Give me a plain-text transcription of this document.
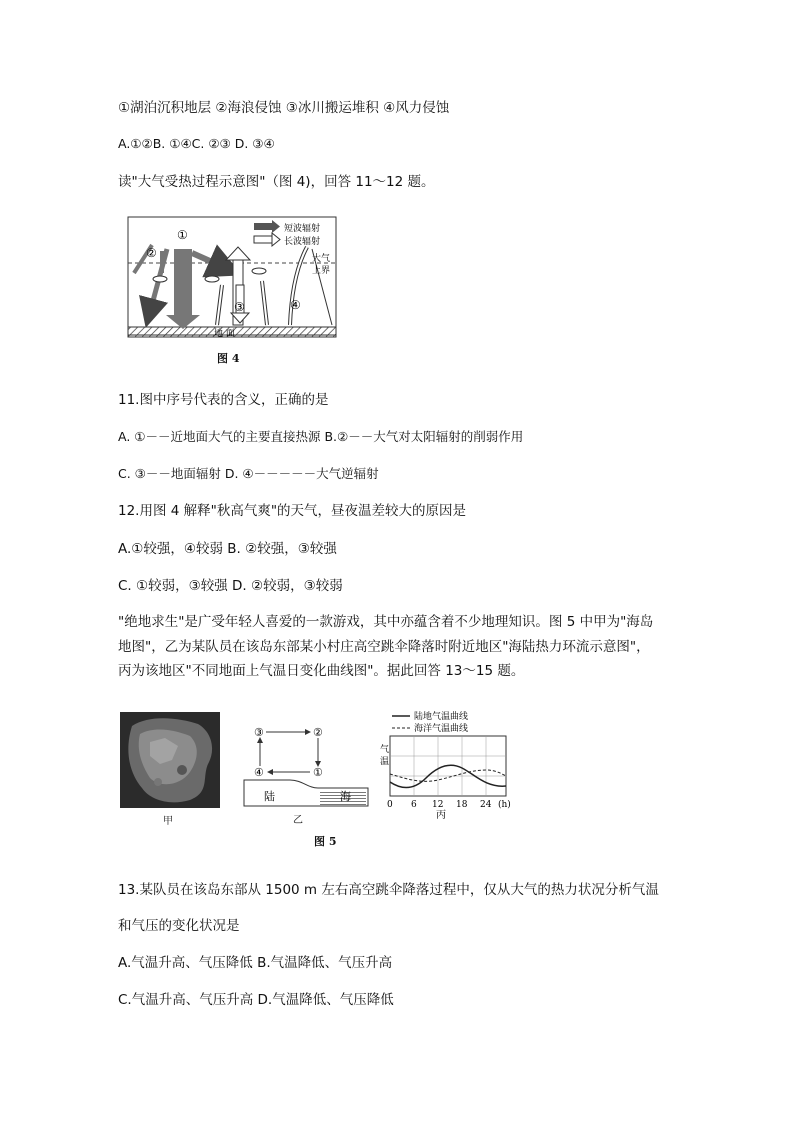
①湖泊沉积地层 ②海浪侵蚀 ③冰川搬运堆积 ④风力侵蚀
A.①②B. ①④C. ②③ D. ③④
读"大气受热过程示意图"（图 4)，回答 11～12 题。
①
②
③	④
短波辐射
长波辐射
大气
上界
地 面
图 4
11.图中序号代表的含义，正确的是
A. ①－－近地面大气的主要直接热源 B.②－－大气对太阳辐射的削弱作用
C. ③－－地面辐射 D. ④－－－－－大气逆辐射
12.用图 4 解释"秋高气爽"的天气，昼夜温差较大的原因是
A.①较强，④较弱 B. ②较强，③较强
C. ①较弱，③较强 D. ②较弱，③较弱
"绝地求生"是广受年轻人喜爱的一款游戏，其中亦蕴含着不少地理知识。图 5 中甲为"海岛
地图"，乙为某队员在该岛东部某小村庄高空跳伞降落时附近地区"海陆热力环流示意图"，
丙为该地区"不同地面上气温日变化曲线图"。据此回答 13～15 题。
甲
③	②
④	①
陆	海
乙
陆地气温曲线
海洋气温曲线
气
温
0 6 12 18 24 (h)
丙
图 5
13.某队员在该岛东部从 1500 m 左右高空跳伞降落过程中，仅从大气的热力状况分析气温
和气压的变化状况是
A.气温升高、气压降低 B.气温降低、气压升高
C.气温升高、气压升高 D.气温降低、气压降低
